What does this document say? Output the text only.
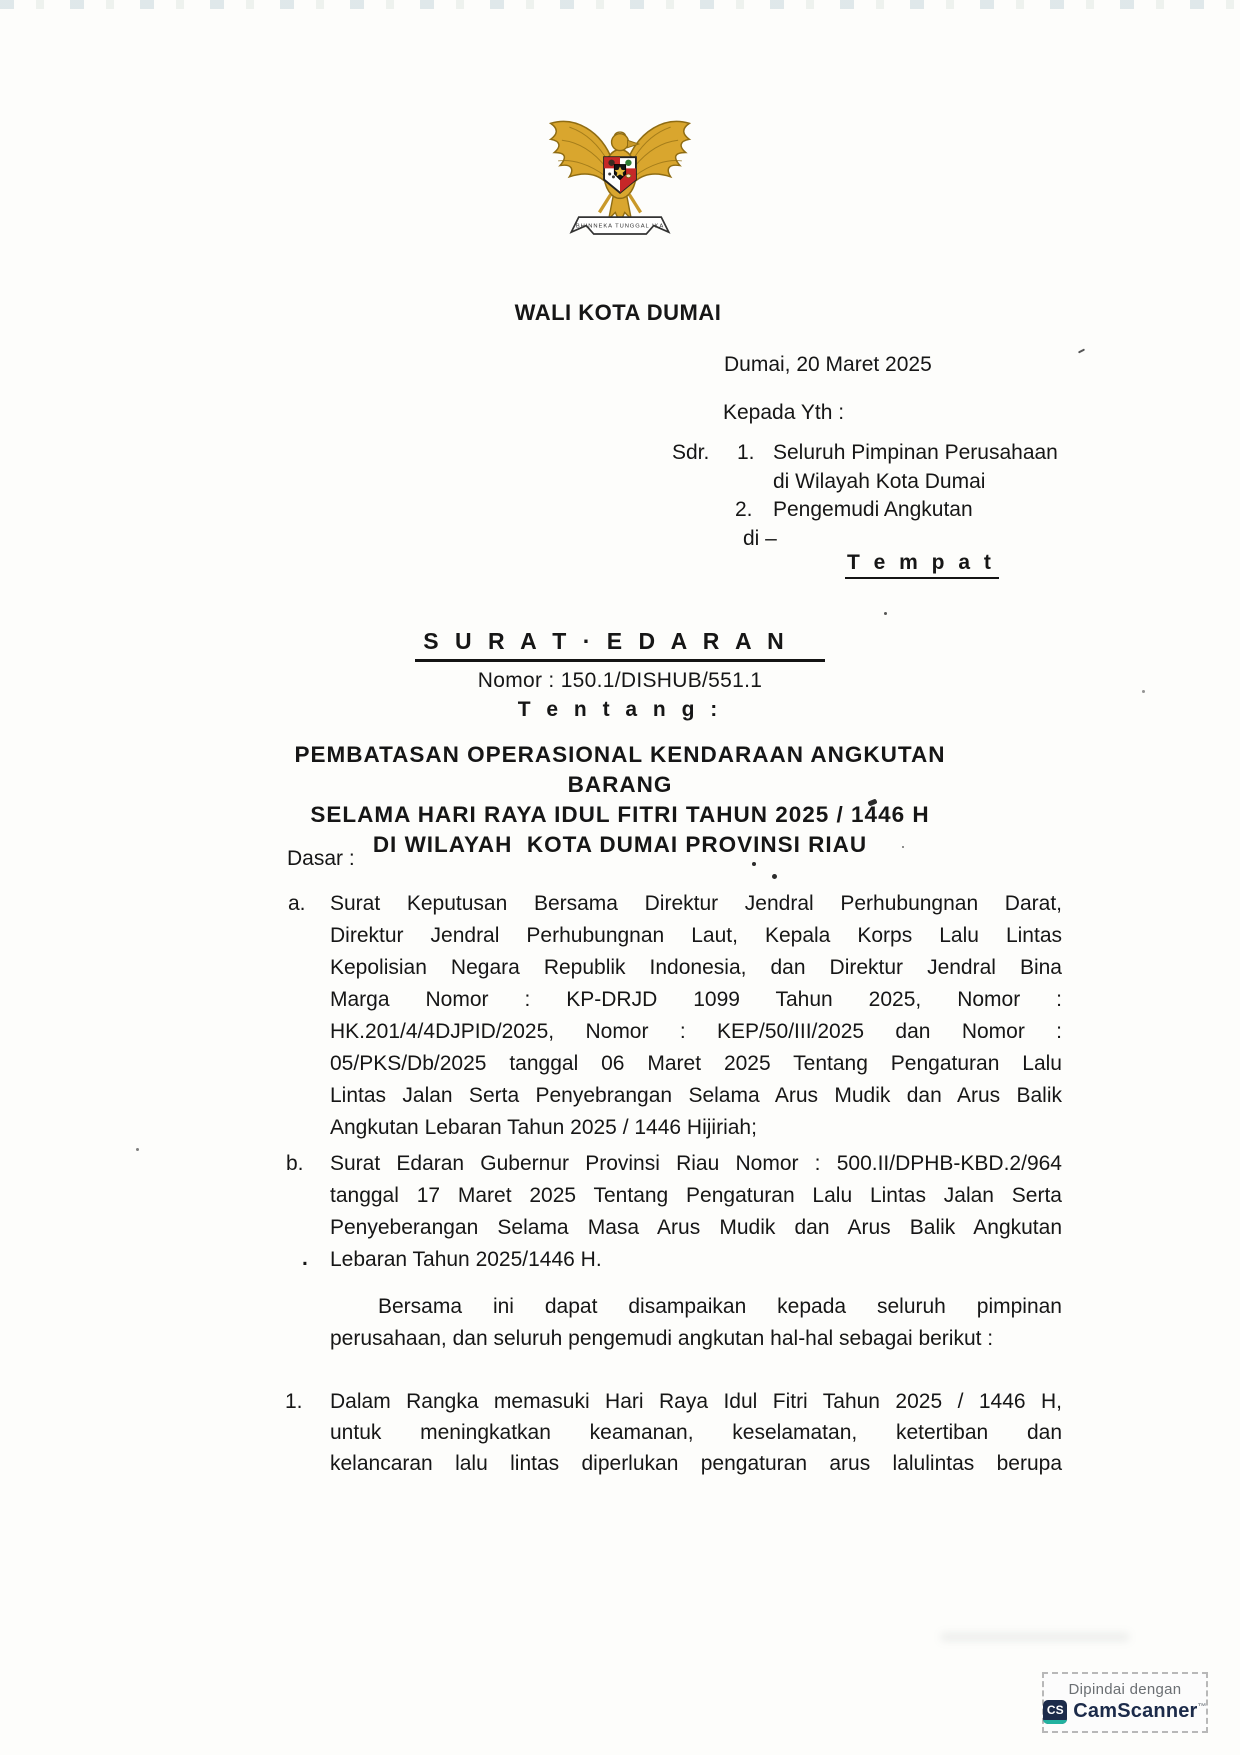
BHINNEKA TUNGGAL IKA
WALI KOTA DUMAI
Dumai, 20 Maret 2025
Kepada Yth :
Sdr. 1. Seluruh Pimpinan Perusahaan
di Wilayah Kota Dumai
2. Pengemudi Angkutan
di –
T e m p a t
S U R A T · E D A R A N
Nomor : 150.1/DISHUB/551.1
T e n t a n g :
PEMBATASAN OPERASIONAL KENDARAAN ANGKUTAN BARANG
SELAMA HARI RAYA IDUL FITRI TAHUN 2025 / 1446 H
DI WILAYAH  KOTA DUMAI PROVINSI RIAU
Dasar :
a. Surat Keputusan Bersama Direktur Jendral Perhubungnan Darat,
Direktur Jendral Perhubungnan Laut, Kepala Korps Lalu Lintas
Kepolisian Negara Republik Indonesia, dan Direktur Jendral Bina
Marga Nomor : KP-DRJD 1099 Tahun 2025, Nomor :
HK.201/4/4DJPID/2025, Nomor : KEP/50/III/2025 dan Nomor :
05/PKS/Db/2025 tanggal 06 Maret 2025 Tentang Pengaturan Lalu
Lintas Jalan Serta Penyebrangan Selama Arus Mudik dan Arus Balik
Angkutan Lebaran Tahun 2025 / 1446 Hijiriah;
b. Surat Edaran Gubernur Provinsi Riau Nomor : 500.II/DPHB-KBD.2/964
tanggal 17 Maret 2025 Tentang Pengaturan Lalu Lintas Jalan Serta
Penyeberangan Selama Masa Arus Mudik dan Arus Balik Angkutan
Lebaran Tahun 2025/1446 H.
.
Bersama ini dapat disampaikan kepada seluruh pimpinan
perusahaan, dan seluruh pengemudi angkutan hal-hal sebagai berikut :
1. Dalam Rangka memasuki Hari Raya Idul Fitri Tahun 2025 / 1446 H,
untuk meningkatkan keamanan, keselamatan, ketertiban dan
kelancaran lalu lintas diperlukan pengaturan arus lalulintas berupa
Dipindai dengan
CS CamScanner™
